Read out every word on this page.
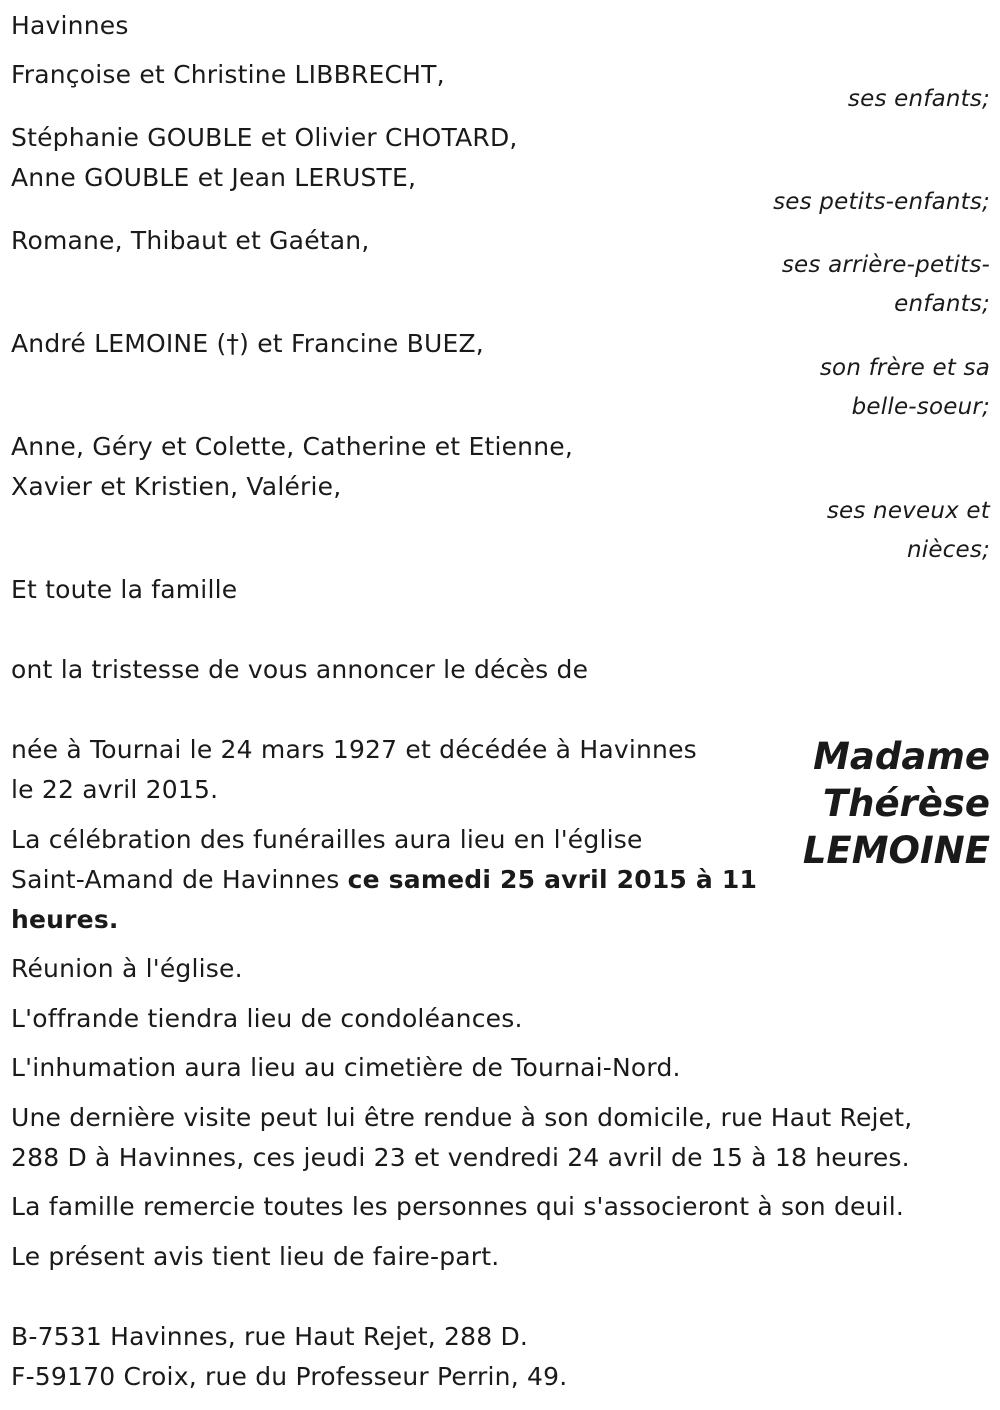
Havinnes
Françoise et Christine LIBBRECHT,
ses enfants;
Stéphanie GOUBLE et Olivier CHOTARD,
Anne GOUBLE et Jean LERUSTE,
ses petits-enfants;
Romane, Thibaut et Gaétan,
ses arrière-petits-
enfants;
André LEMOINE (†) et Francine BUEZ,
son frère et sa
belle-soeur;
Anne, Géry et Colette, Catherine et Etienne,
Xavier et Kristien, Valérie,
ses neveux et
nièces;
Et toute la famille
ont la tristesse de vous annoncer le décès de
Madame
Thérèse
LEMOINE
née à Tournai le 24 mars 1927 et décédée à Havinnes
le 22 avril 2015.
La célébration des funérailles aura lieu en l'église
Saint-Amand de Havinnes ce samedi 25 avril 2015 à 11
heures.
Réunion à l'église.
L'offrande tiendra lieu de condoléances.
L'inhumation aura lieu au cimetière de Tournai-Nord.
Une dernière visite peut lui être rendue à son domicile, rue Haut Rejet,
288 D à Havinnes, ces jeudi 23 et vendredi 24 avril de 15 à 18 heures.
La famille remercie toutes les personnes qui s'associeront à son deuil.
Le présent avis tient lieu de faire-part.
B-7531 Havinnes, rue Haut Rejet, 288 D.
F-59170 Croix, rue du Professeur Perrin, 49.
